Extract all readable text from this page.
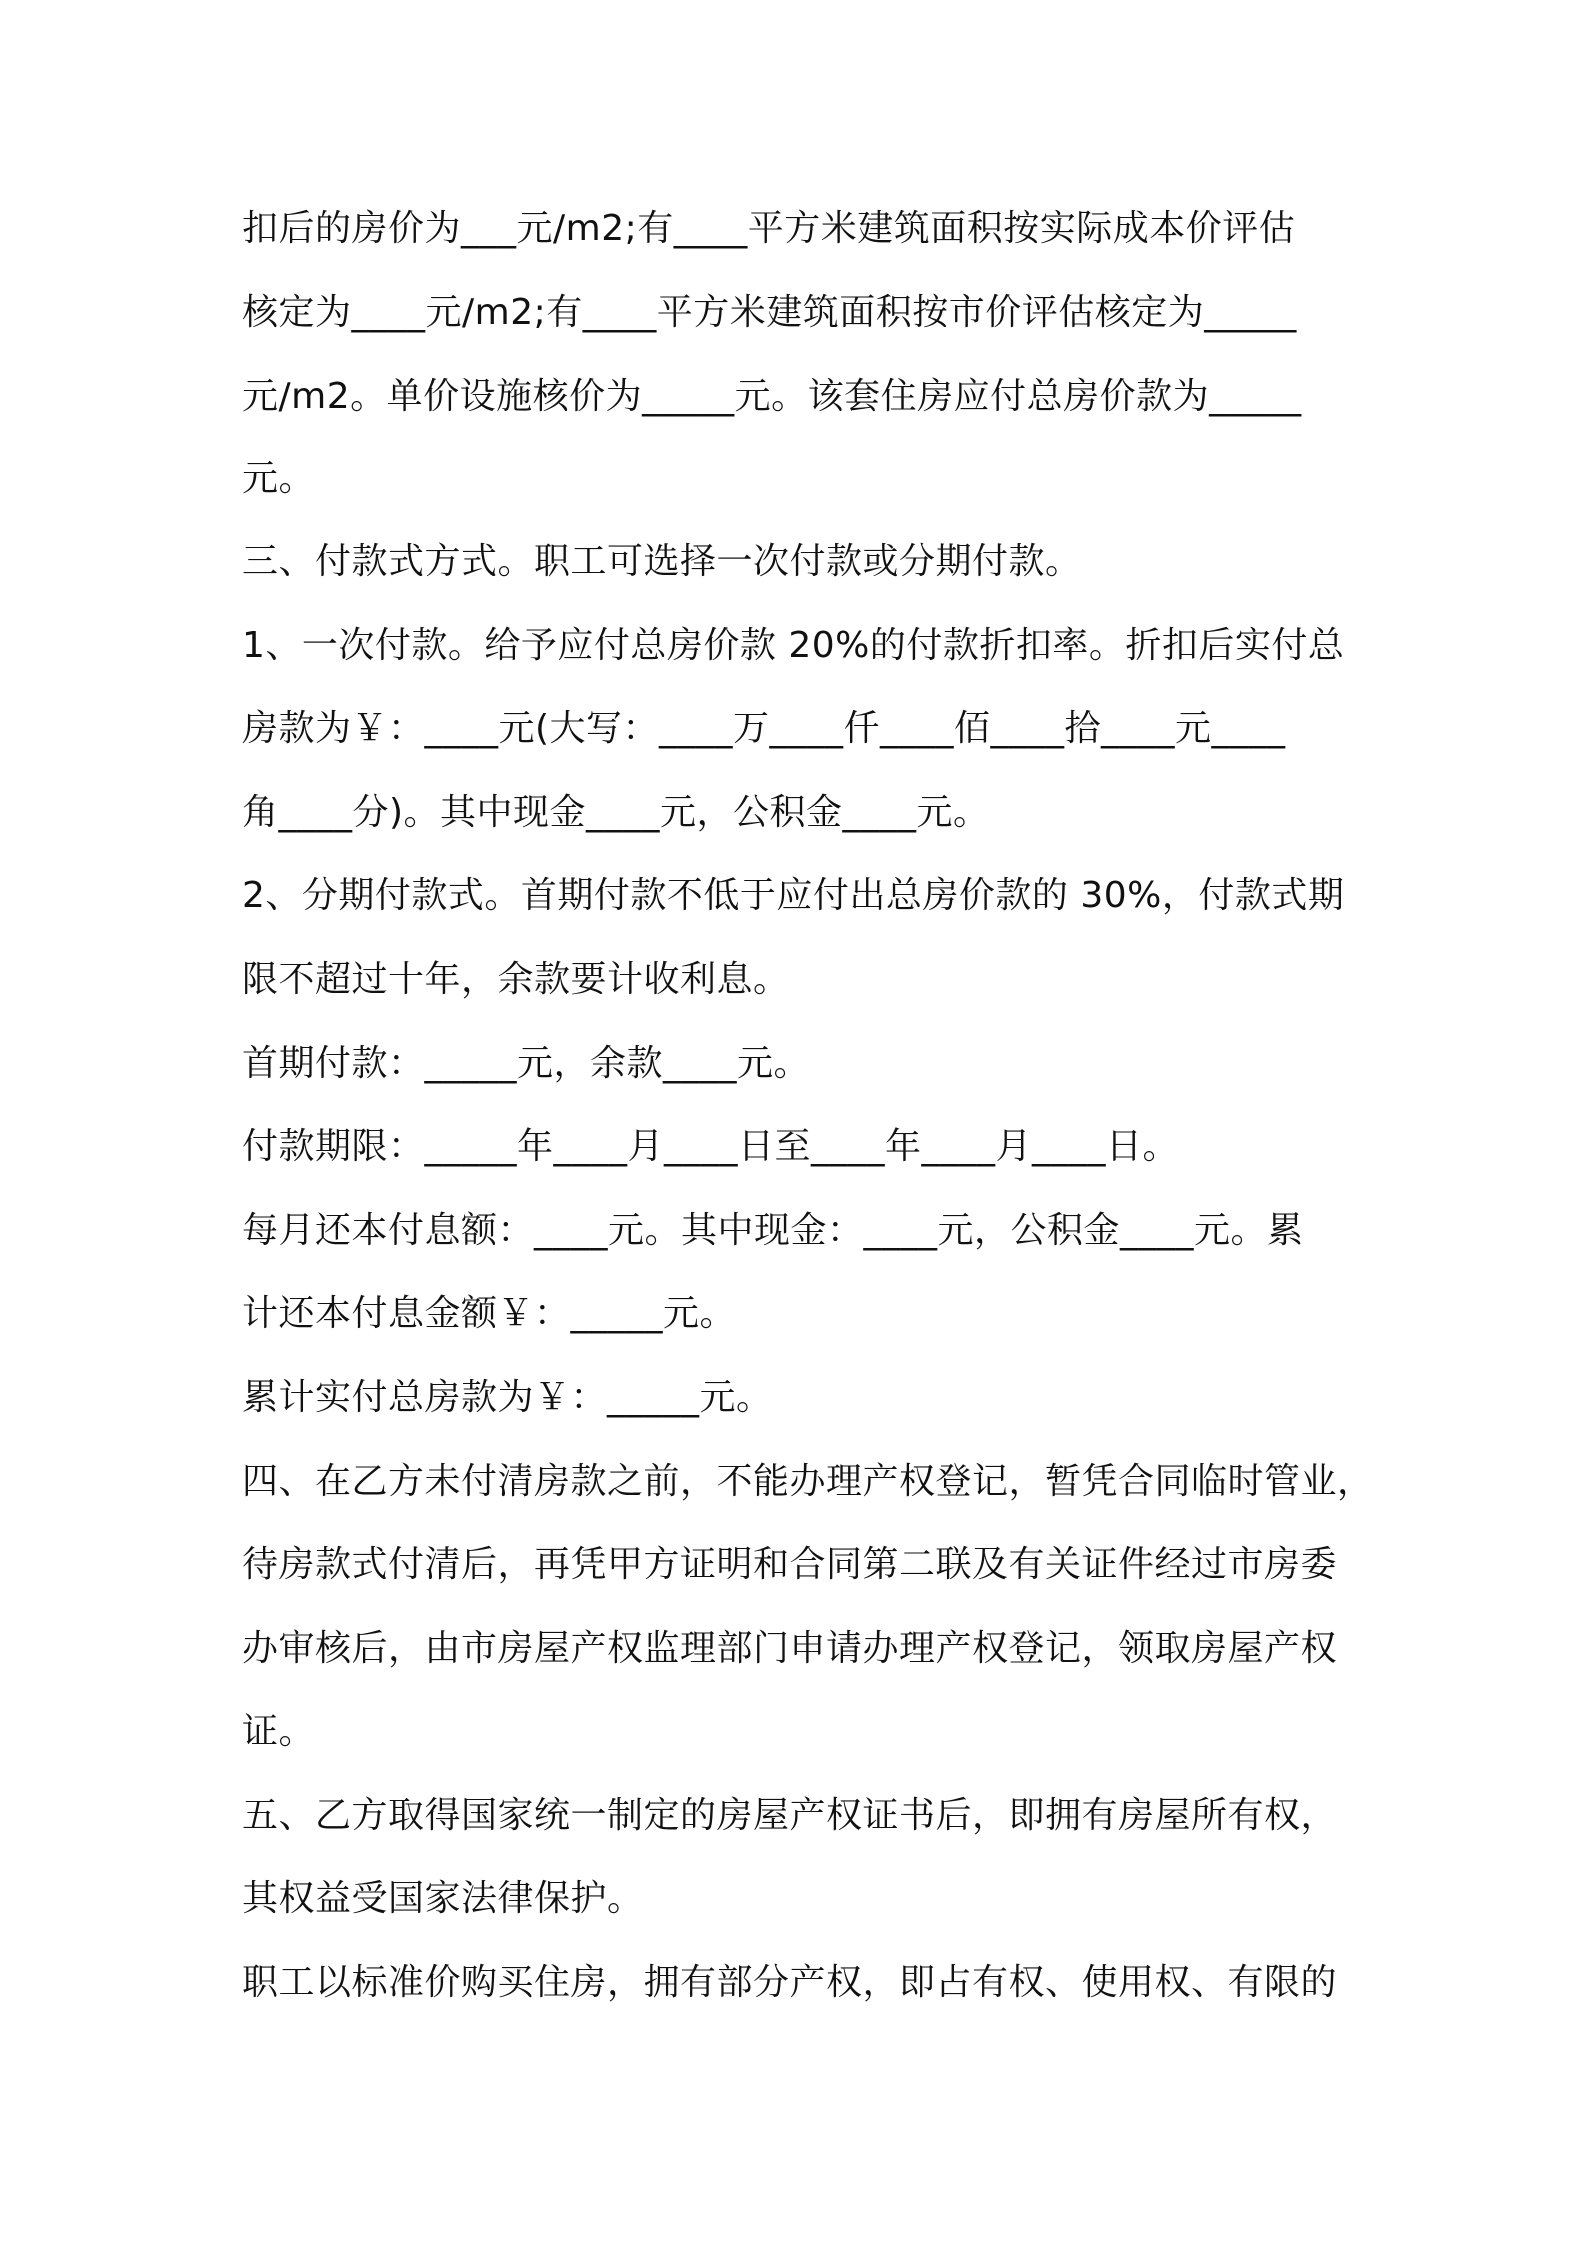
扣后的房价为___元/m2;有____平方米建筑面积按实际成本价评估
核定为____元/m2;有____平方米建筑面积按市价评估核定为_____
元/m2。单价设施核价为_____元。该套住房应付总房价款为_____
元。
三、付款式方式。职工可选择一次付款或分期付款。
1、一次付款。给予应付总房价款 20%的付款折扣率。折扣后实付总
房款为￥：____元(大写：____万____仟____佰____拾____元____
角____分)。其中现金____元，公积金____元。
2、分期付款式。首期付款不低于应付出总房价款的 30%，付款式期
限不超过十年，余款要计收利息。
首期付款：_____元，余款____元。
付款期限：_____年____月____日至____年____月____日。
每月还本付息额：____元。其中现金：____元，公积金____元。累
计还本付息金额￥：_____元。
累计实付总房款为￥：_____元。
四、在乙方未付清房款之前，不能办理产权登记，暂凭合同临时管业，
待房款式付清后，再凭甲方证明和合同第二联及有关证件经过市房委
办审核后，由市房屋产权监理部门申请办理产权登记，领取房屋产权
证。
五、乙方取得国家统一制定的房屋产权证书后，即拥有房屋所有权，
其权益受国家法律保护。
职工以标准价购买住房，拥有部分产权，即占有权、使用权、有限的
